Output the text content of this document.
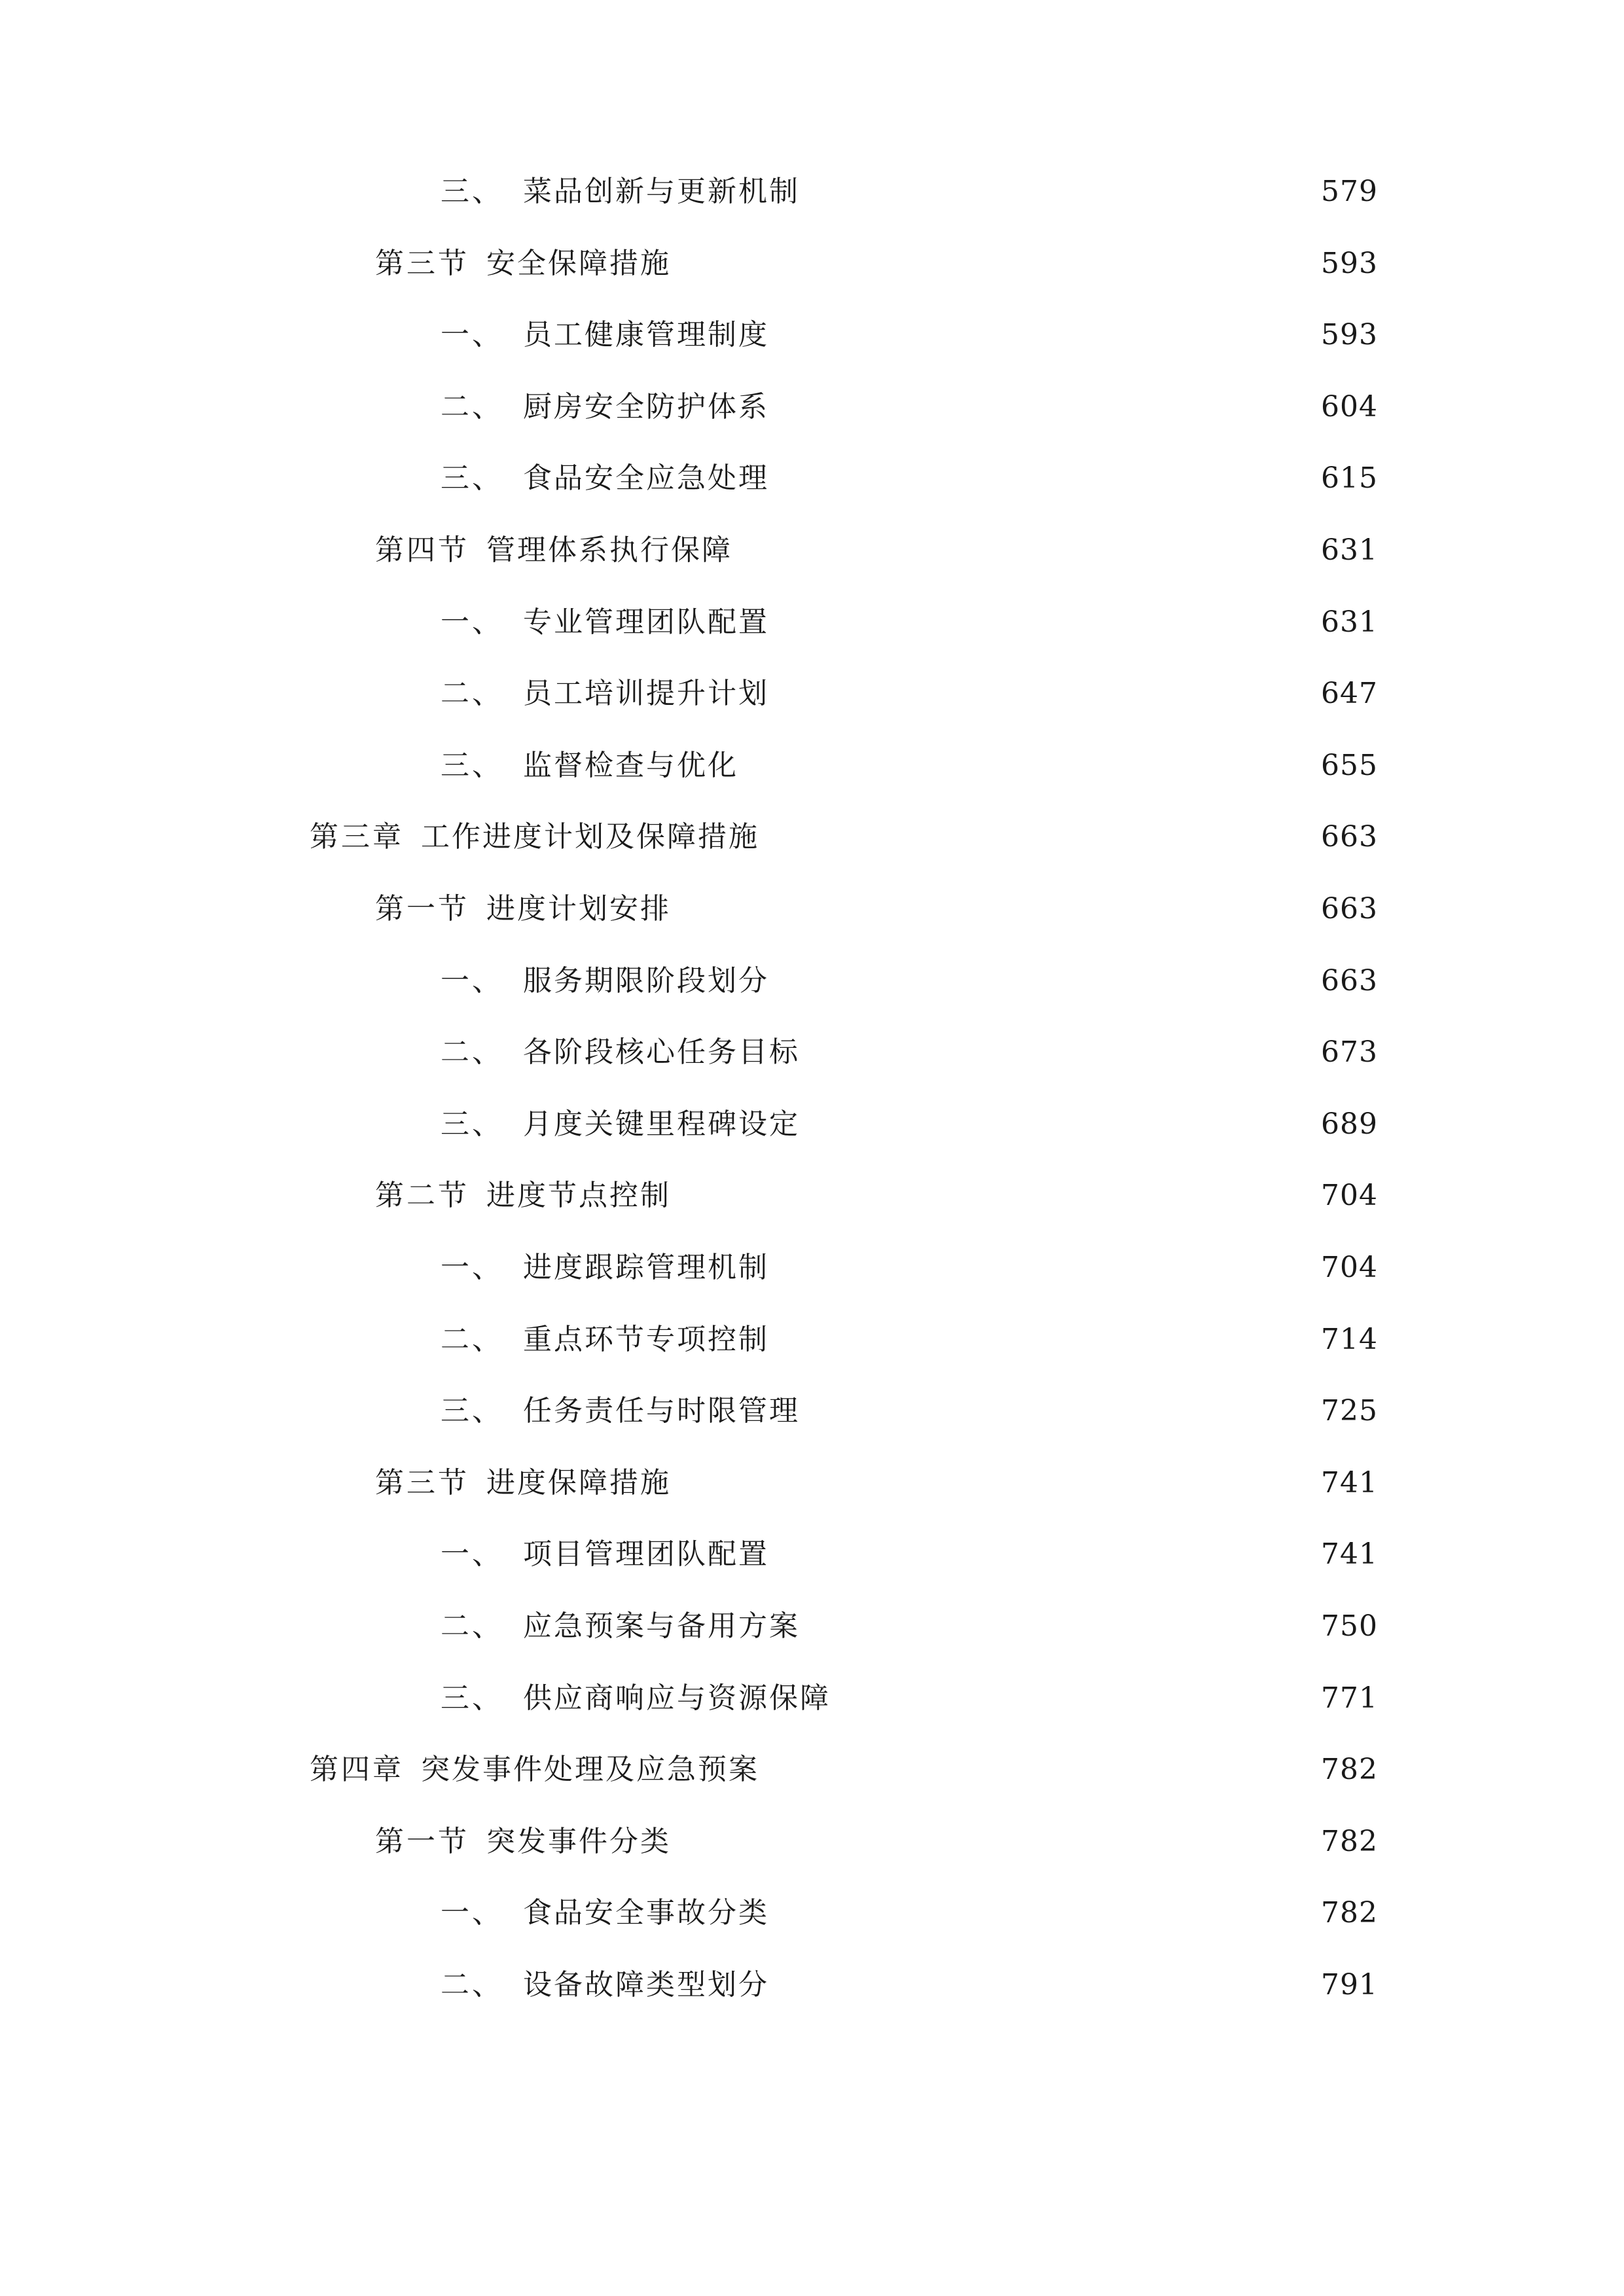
三、 菜品创新与更新机制	579
第三节 安全保障措施	593
一、 员工健康管理制度	593
二、 厨房安全防护体系	604
三、 食品安全应急处理	615
第四节 管理体系执行保障	631
一、 专业管理团队配置	631
二、 员工培训提升计划	647
三、 监督检查与优化	655
第三章 工作进度计划及保障措施	663
第一节 进度计划安排	663
一、 服务期限阶段划分	663
二、 各阶段核心任务目标	673
三、 月度关键里程碑设定	689
第二节 进度节点控制	704
一、 进度跟踪管理机制	704
二、 重点环节专项控制	714
三、 任务责任与时限管理	725
第三节 进度保障措施	741
一、 项目管理团队配置	741
二、 应急预案与备用方案	750
三、 供应商响应与资源保障	771
第四章 突发事件处理及应急预案	782
第一节 突发事件分类	782
一、 食品安全事故分类	782
二、 设备故障类型划分	791
